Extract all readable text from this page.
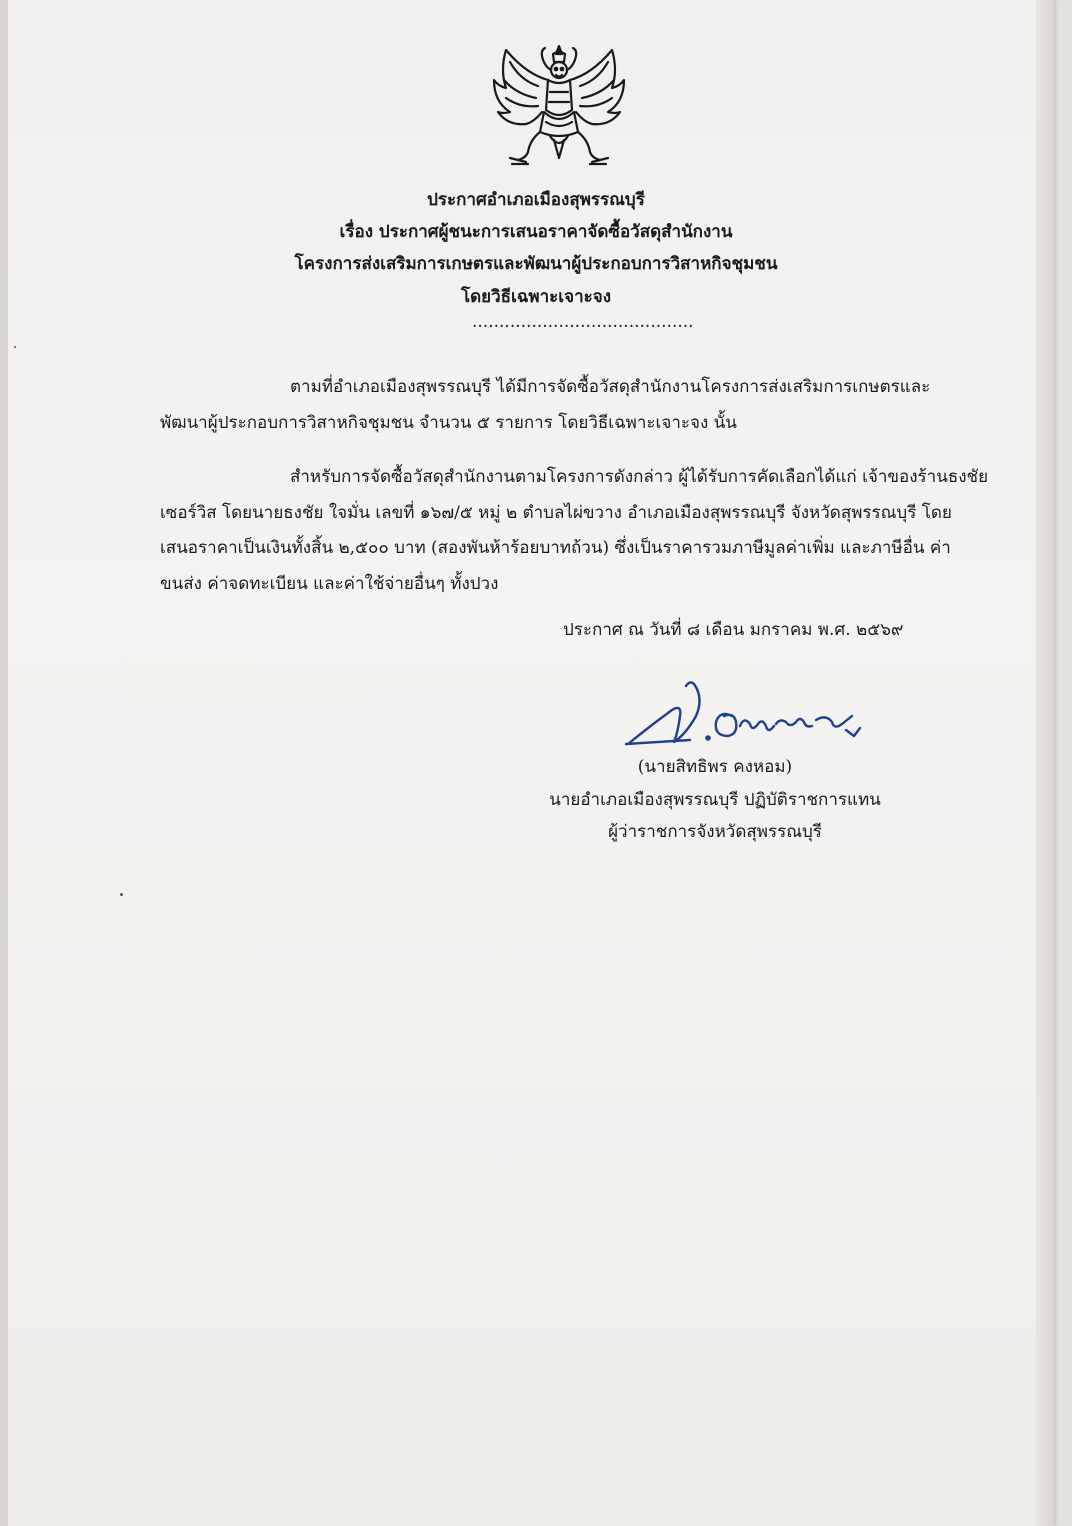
ประกาศอำเภอเมืองสุพรรณบุรี
เรื่อง ประกาศผู้ชนะการเสนอราคาจัดซื้อวัสดุสำนักงาน
โครงการส่งเสริมการเกษตรและพัฒนาผู้ประกอบการวิสาหกิจชุมชน
โดยวิธีเฉพาะเจาะจง
.........................................
ตามที่อำเภอเมืองสุพรรณบุรี ได้มีการจัดซื้อวัสดุสำนักงานโครงการส่งเสริมการเกษตรและ
พัฒนาผู้ประกอบการวิสาหกิจชุมชน จำนวน ๕ รายการ โดยวิธีเฉพาะเจาะจง นั้น
สำหรับการจัดซื้อวัสดุสำนักงานตามโครงการดังกล่าว ผู้ได้รับการคัดเลือกได้แก่ เจ้าของร้านธงชัย
เซอร์วิส โดยนายธงชัย ใจมั่น เลขที่ ๑๖๗/๕ หมู่ ๒ ตำบลไผ่ขวาง อำเภอเมืองสุพรรณบุรี จังหวัดสุพรรณบุรี โดย
เสนอราคาเป็นเงินทั้งสิ้น ๒,๕๐๐ บาท (สองพันห้าร้อยบาทถ้วน) ซึ่งเป็นราคารวมภาษีมูลค่าเพิ่ม และภาษีอื่น ค่า
ขนส่ง ค่าจดทะเบียน และค่าใช้จ่ายอื่นๆ ทั้งปวง
ประกาศ ณ วันที่ ๘ เดือน มกราคม พ.ศ. ๒๕๖๙
(นายสิทธิพร คงหอม)
นายอำเภอเมืองสุพรรณบุรี ปฏิบัติราชการแทน
ผู้ว่าราชการจังหวัดสุพรรณบุรี
